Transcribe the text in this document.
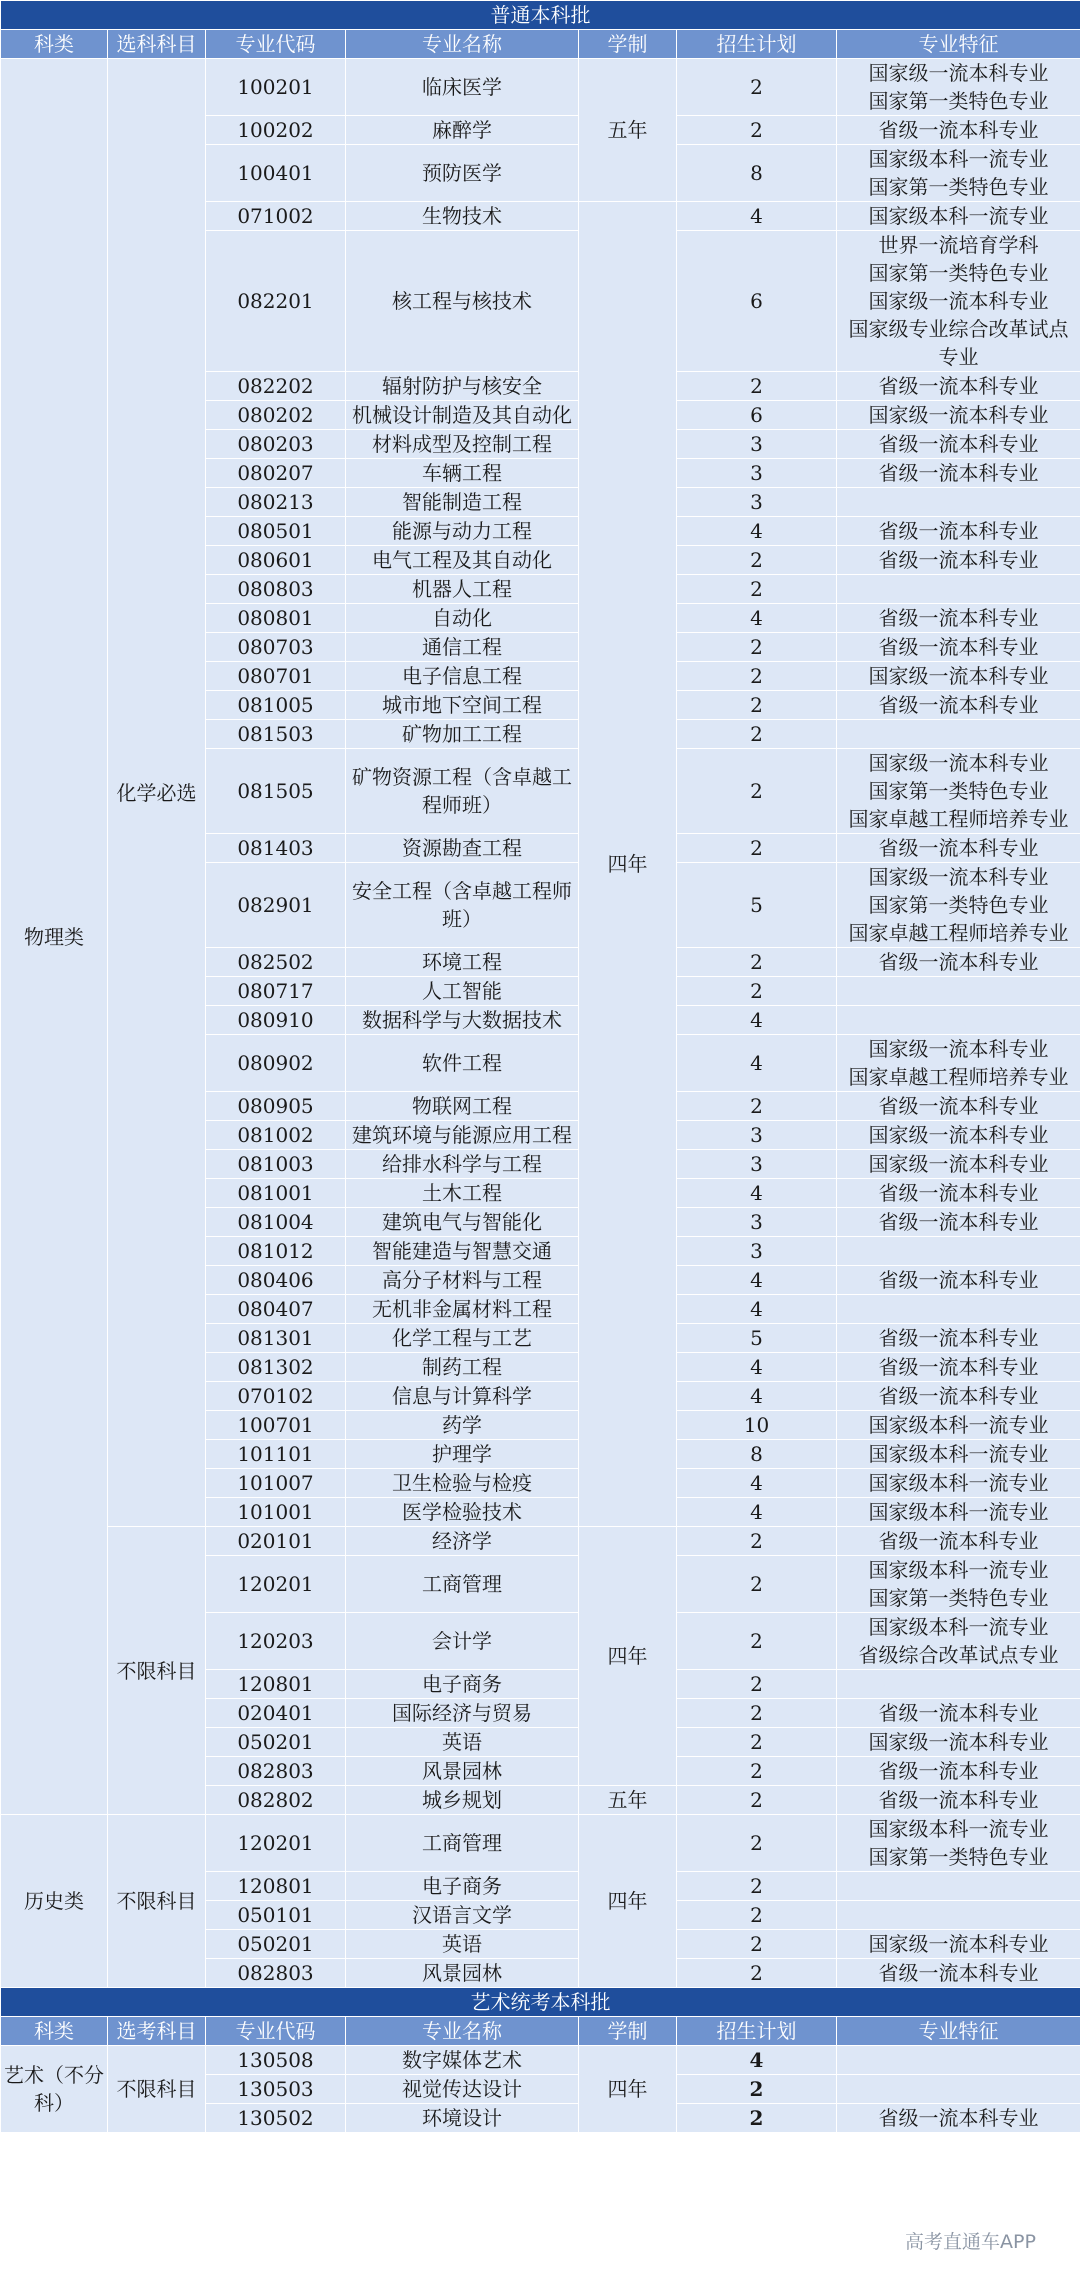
普通本科批						
科类	选科科目	专业代码	专业名称	学制	招生计划	专业特征
物理类	化学必选	100201	临床医学	五年	2	国家级一流本科专业
国家第一类特色专业
		100202	麻醉学		2	省级一流本科专业
		100401	预防医学		8	国家级本科一流专业
国家第一类特色专业
		071002	生物技术	四年	4	国家级本科一流专业
		082201	核工程与核技术		6	世界一流培育学科
国家第一类特色专业
国家级一流本科专业
国家级专业综合改革试点专业
		082202	辐射防护与核安全		2	省级一流本科专业
		080202	机械设计制造及其自动化		6	国家级一流本科专业
		080203	材料成型及控制工程		3	省级一流本科专业
		080207	车辆工程		3	省级一流本科专业
		080213	智能制造工程		3	
		080501	能源与动力工程		4	省级一流本科专业
		080601	电气工程及其自动化		2	省级一流本科专业
		080803	机器人工程		2	
		080801	自动化		4	省级一流本科专业
		080703	通信工程		2	省级一流本科专业
		080701	电子信息工程		2	国家级一流本科专业
		081005	城市地下空间工程		2	省级一流本科专业
		081503	矿物加工工程		2	
		081505	矿物资源工程（含卓越工程师班）		2	国家级一流本科专业
国家第一类特色专业
国家卓越工程师培养专业
		081403	资源勘查工程		2	省级一流本科专业
		082901	安全工程（含卓越工程师班）		5	国家级一流本科专业
国家第一类特色专业
国家卓越工程师培养专业
		082502	环境工程		2	省级一流本科专业
		080717	人工智能		2	
		080910	数据科学与大数据技术		4	
		080902	软件工程		4	国家级一流本科专业
国家卓越工程师培养专业
		080905	物联网工程		2	省级一流本科专业
		081002	建筑环境与能源应用工程		3	国家级一流本科专业
		081003	给排水科学与工程		3	国家级一流本科专业
		081001	土木工程		4	省级一流本科专业
		081004	建筑电气与智能化		3	省级一流本科专业
		081012	智能建造与智慧交通		3	
		080406	高分子材料与工程		4	省级一流本科专业
		080407	无机非金属材料工程		4	
		081301	化学工程与工艺		5	省级一流本科专业
		081302	制药工程		4	省级一流本科专业
		070102	信息与计算科学		4	省级一流本科专业
		100701	药学		10	国家级本科一流专业
		101101	护理学		8	国家级本科一流专业
		101007	卫生检验与检疫		4	国家级本科一流专业
		101001	医学检验技术		4	国家级本科一流专业
	不限科目	020101	经济学	四年	2	省级一流本科专业
		120201	工商管理		2	国家级本科一流专业
国家第一类特色专业
		120203	会计学		2	国家级本科一流专业
省级综合改革试点专业
		120801	电子商务		2	
		020401	国际经济与贸易		2	省级一流本科专业
		050201	英语		2	国家级一流本科专业
		082803	风景园林		2	省级一流本科专业
		082802	城乡规划	五年	2	省级一流本科专业
历史类	不限科目	120201	工商管理	四年	2	国家级本科一流专业
国家第一类特色专业
		120801	电子商务		2	
		050101	汉语言文学		2	
		050201	英语		2	国家级一流本科专业
		082803	风景园林		2	省级一流本科专业
艺术统考本科批						
科类	选考科目	专业代码	专业名称	学制	招生计划	专业特征
艺术（不分科）	不限科目	130508	数字媒体艺术	四年	4	
		130503	视觉传达设计		2	
		130502	环境设计		2	省级一流本科专业
高考直通车APP
